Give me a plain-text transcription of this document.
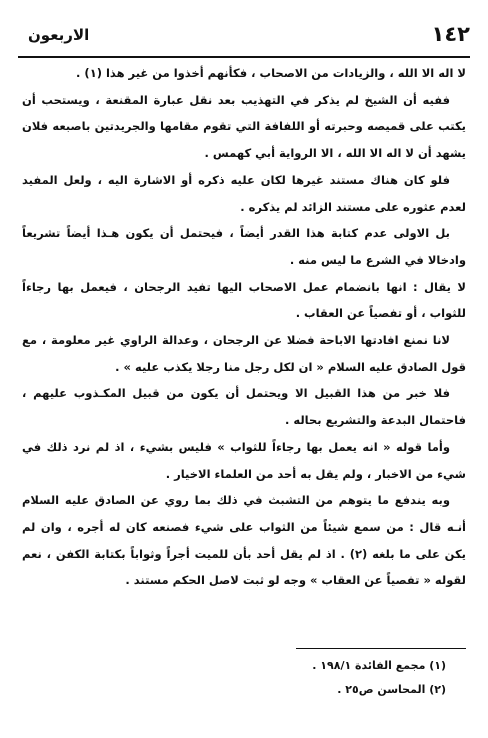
الاربعون	١٤٢

لا اله الا الله ، والزيادات من الاصحاب ، فكأنهم أخذوا من غير هذا (١) .

ففيه أن الشيخ لم يذكر في التهذيب بعد نقل عبارة المقنعة ، ويستحب أن يكتب على قميصه وحبرته أو اللفافة التي تقوم مقامها والجريدتين باصبعه فلان يشهد أن لا اله الا الله ، الا الرواية أبي كهمس .

فلو كان هناك مستند غيرها لكان عليه ذكره أو الاشارة اليه ، ولعل المفيد لعدم عثوره على مستند الزائد لم يذكره .

بل الاولى عدم كتابة هذا القدر أيضاً ، فيحتمل أن يكون هـذا أيضاً تشريعاً وادخالا في الشرع ما ليس منه .

لا يقال : انها بانضمام عمل الاصحاب اليها تفيد الرجحان ، فيعمل بها رجاءاً للثواب ، أو تفصياً عن العقاب .

لانا نمنع افادتها الاباحة فضلا عن الرجحان ، وعدالة الراوي غير معلومة ، مع قول الصادق عليه السلام « ان لكل رجل منا رجلا يكذب عليه » .

فلا خبر من هذا القبيل الا ويحتمل أن يكون من قبيل المكـذوب عليهم ، فاحتمال البدعة والتشريع بحاله .

وأما قوله « انه يعمل بها رجاءاً للثواب » فليس بشيء ، اذ لم نرد ذلك في شيء من الاخبار ، ولم يقل به أحد من العلماء الاخيار .

وبه يندفع ما يتوهم من التشبث في ذلك بما روي عن الصادق عليه السلام أنـه قال : من سمع شيئاً من الثواب على شيء فصنعه كان له أجره ، وان لم يكن على ما بلغه (٢) . اذ لم يقل أحد بأن للميت أجراً وثواباً بكتابة الكفن ، نعم لقوله « تفصياً عن العقاب » وجه لو ثبت لاصل الحكم مستند .

(١) مجمع الفائدة ١٩٨/١ .

(٢) المحاسن ص٢٥ .
